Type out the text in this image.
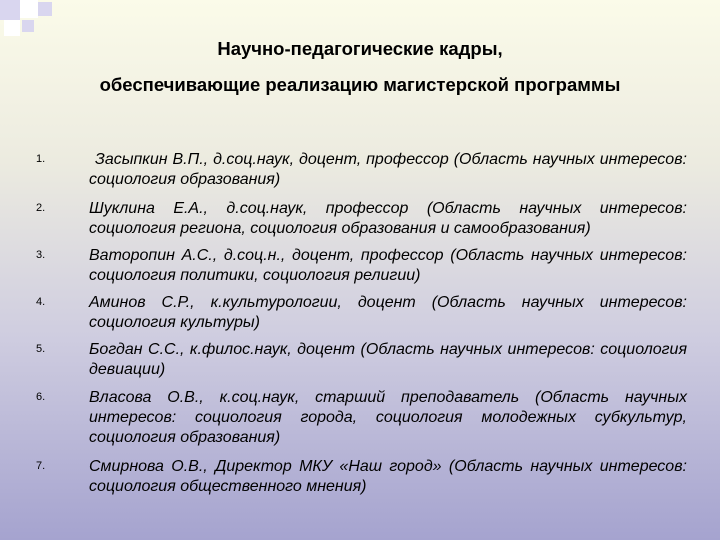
Научно-педагогические кадры,
обеспечивающие реализацию магистерской программы
1.	Засыпкин В.П., д.соц.наук, доцент, профессор (Область научных интересов: социология образования)
2.	Шуклина Е.А., д.соц.наук, профессор (Область научных интересов: социология региона, социология образования и самообразования)
3.	Ваторопин А.С., д.соц.н., доцент, профессор (Область научных интересов: социология политики, социология религии)
4.	Аминов С.Р., к.культурологии, доцент (Область научных интересов: социология культуры)
5.	Богдан С.С., к.филос.наук, доцент (Область научных интересов: социология девиации)
6.	Власова О.В., к.соц.наук, старший преподаватель (Область научных интересов: социология города, социология молодежных субкультур, социология образования)
7.	Смирнова О.В., Директор МКУ «Наш город» (Область научных интересов: социология общественного мнения)
